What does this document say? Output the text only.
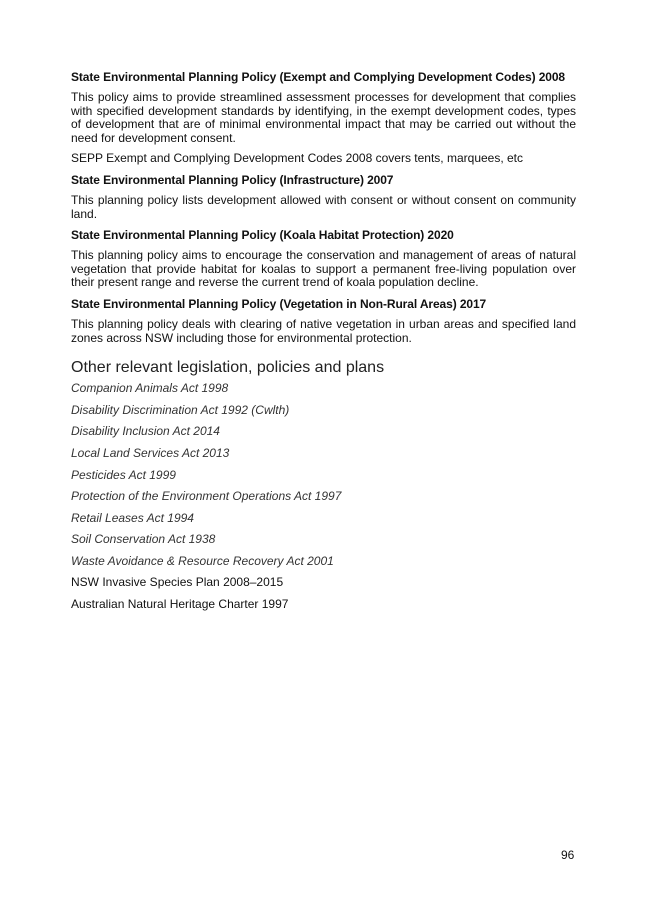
State Environmental Planning Policy (Exempt and Complying Development Codes) 2008

This policy aims to provide streamlined assessment processes for development that complies with specified development standards by identifying, in the exempt development codes, types of development that are of minimal environmental impact that may be carried out without the need for development consent.

SEPP Exempt and Complying Development Codes 2008 covers tents, marquees, etc

State Environmental Planning Policy (Infrastructure) 2007

This planning policy lists development allowed with consent or without consent on community land.

State Environmental Planning Policy (Koala Habitat Protection) 2020

This planning policy aims to encourage the conservation and management of areas of natural vegetation that provide habitat for koalas to support a permanent free-living population over their present range and reverse the current trend of koala population decline.

State Environmental Planning Policy (Vegetation in Non-Rural Areas) 2017

This planning policy deals with clearing of native vegetation in urban areas and specified land zones across NSW including those for environmental protection.

Other relevant legislation, policies and plans
Companion Animals Act 1998
Disability Discrimination Act 1992 (Cwlth)
Disability Inclusion Act 2014
Local Land Services Act 2013
Pesticides Act 1999
Protection of the Environment Operations Act 1997
Retail Leases Act 1994
Soil Conservation Act 1938
Waste Avoidance & Resource Recovery Act 2001
NSW Invasive Species Plan 2008–2015
Australian Natural Heritage Charter 1997
96
